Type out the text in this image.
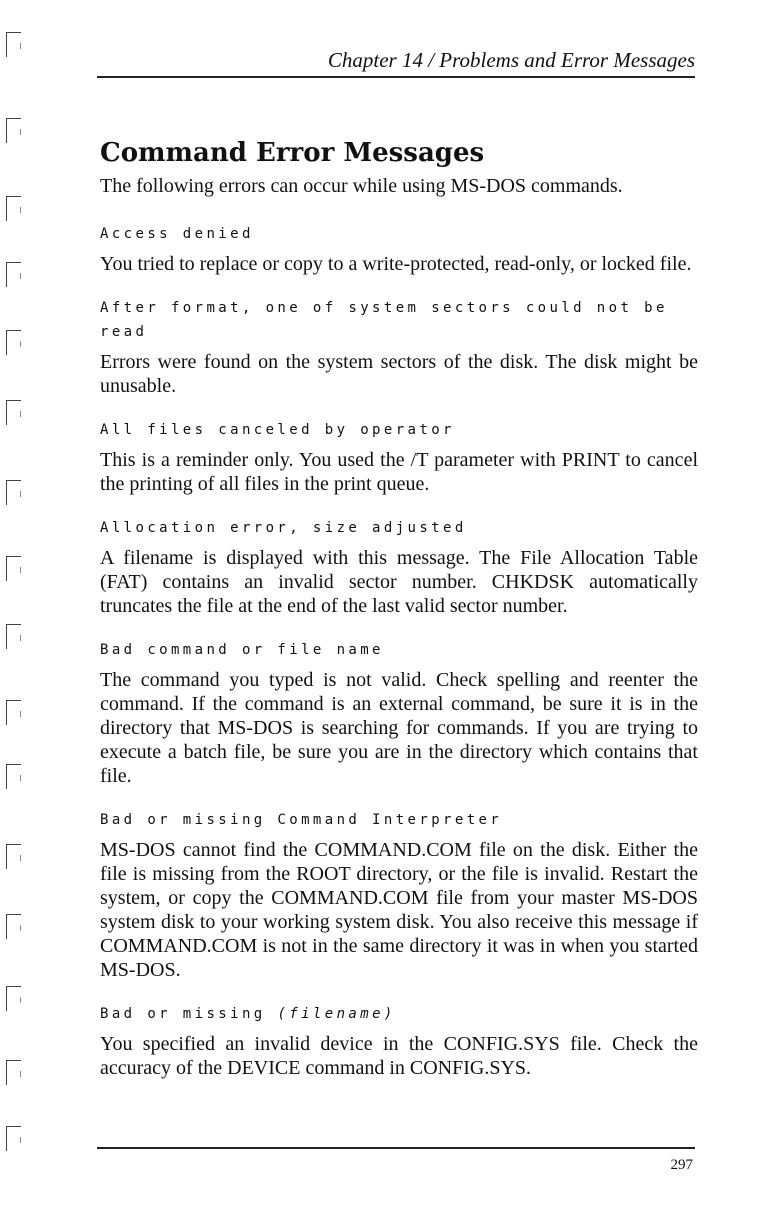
Chapter 14 / Problems and Error Messages
Command Error Messages

The following errors can occur while using MS-DOS commands.

Access denied

You tried to replace or copy to a write-protected, read-only, or locked file.

After format, one of system sectors could not be read

Errors were found on the system sectors of the disk. The disk might be unusable.

All files canceled by operator

This is a reminder only. You used the /T parameter with PRINT to cancel the printing of all files in the print queue.

Allocation error, size adjusted

A filename is displayed with this message. The File Allocation Table (FAT) contains an invalid sector number. CHKDSK automatically truncates the file at the end of the last valid sector number.

Bad command or file name

The command you typed is not valid. Check spelling and reenter the command. If the command is an external command, be sure it is in the directory that MS-DOS is searching for commands. If you are trying to execute a batch file, be sure you are in the directory which contains that file.

Bad or missing Command Interpreter

MS-DOS cannot find the COMMAND.COM file on the disk. Either the file is missing from the ROOT directory, or the file is invalid. Restart the system, or copy the COMMAND.COM file from your master MS-DOS system disk to your working system disk. You also receive this message if COMMAND.COM is not in the same directory it was in when you started MS-DOS.

Bad or missing (filename)

You specified an invalid device in the CONFIG.SYS file. Check the accuracy of the DEVICE command in CONFIG.SYS.

297
